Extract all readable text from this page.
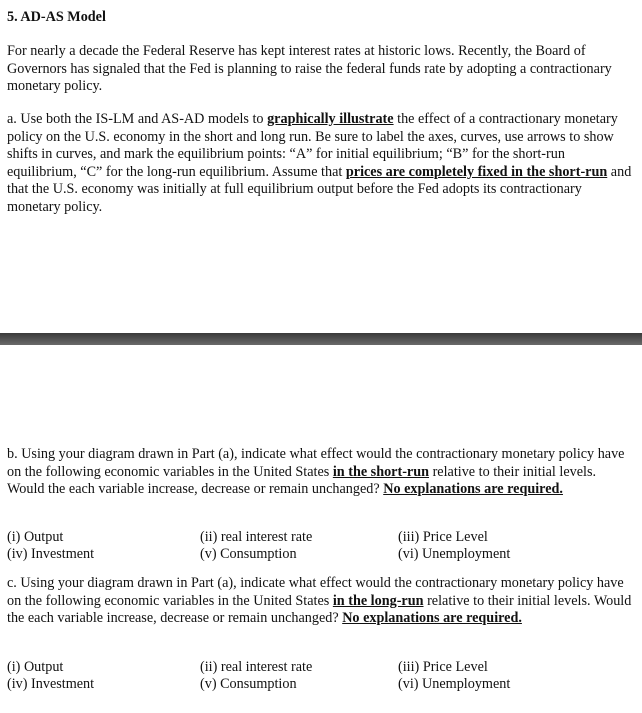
5. AD-AS Model
For nearly a decade the Federal Reserve has kept interest rates at historic lows. Recently, the Board of Governors has signaled that the Fed is planning to raise the federal funds rate by adopting a contractionary monetary policy.
a. Use both the IS-LM and AS-AD models to graphically illustrate the effect of a contractionary monetary policy on the U.S. economy in the short and long run. Be sure to label the axes, curves, use arrows to show shifts in curves, and mark the equilibrium points: “A” for initial equilibrium; “B” for the short-run equilibrium, “C” for the long-run equilibrium. Assume that prices are completely fixed in the short-run and that the U.S. economy was initially at full equilibrium output before the Fed adopts its contractionary monetary policy.
b. Using your diagram drawn in Part (a), indicate what effect would the contractionary monetary policy have on the following economic variables in the United States in the short-run relative to their initial levels. Would the each variable increase, decrease or remain unchanged? No explanations are required.
(i) Output	(ii) real interest rate	(iii) Price Level
(iv) Investment	(v) Consumption	(vi) Unemployment
c. Using your diagram drawn in Part (a), indicate what effect would the contractionary monetary policy have on the following economic variables in the United States in the long-run relative to their initial levels. Would the each variable increase, decrease or remain unchanged? No explanations are required.
(i) Output	(ii) real interest rate	(iii) Price Level
(iv) Investment	(v) Consumption	(vi) Unemployment
